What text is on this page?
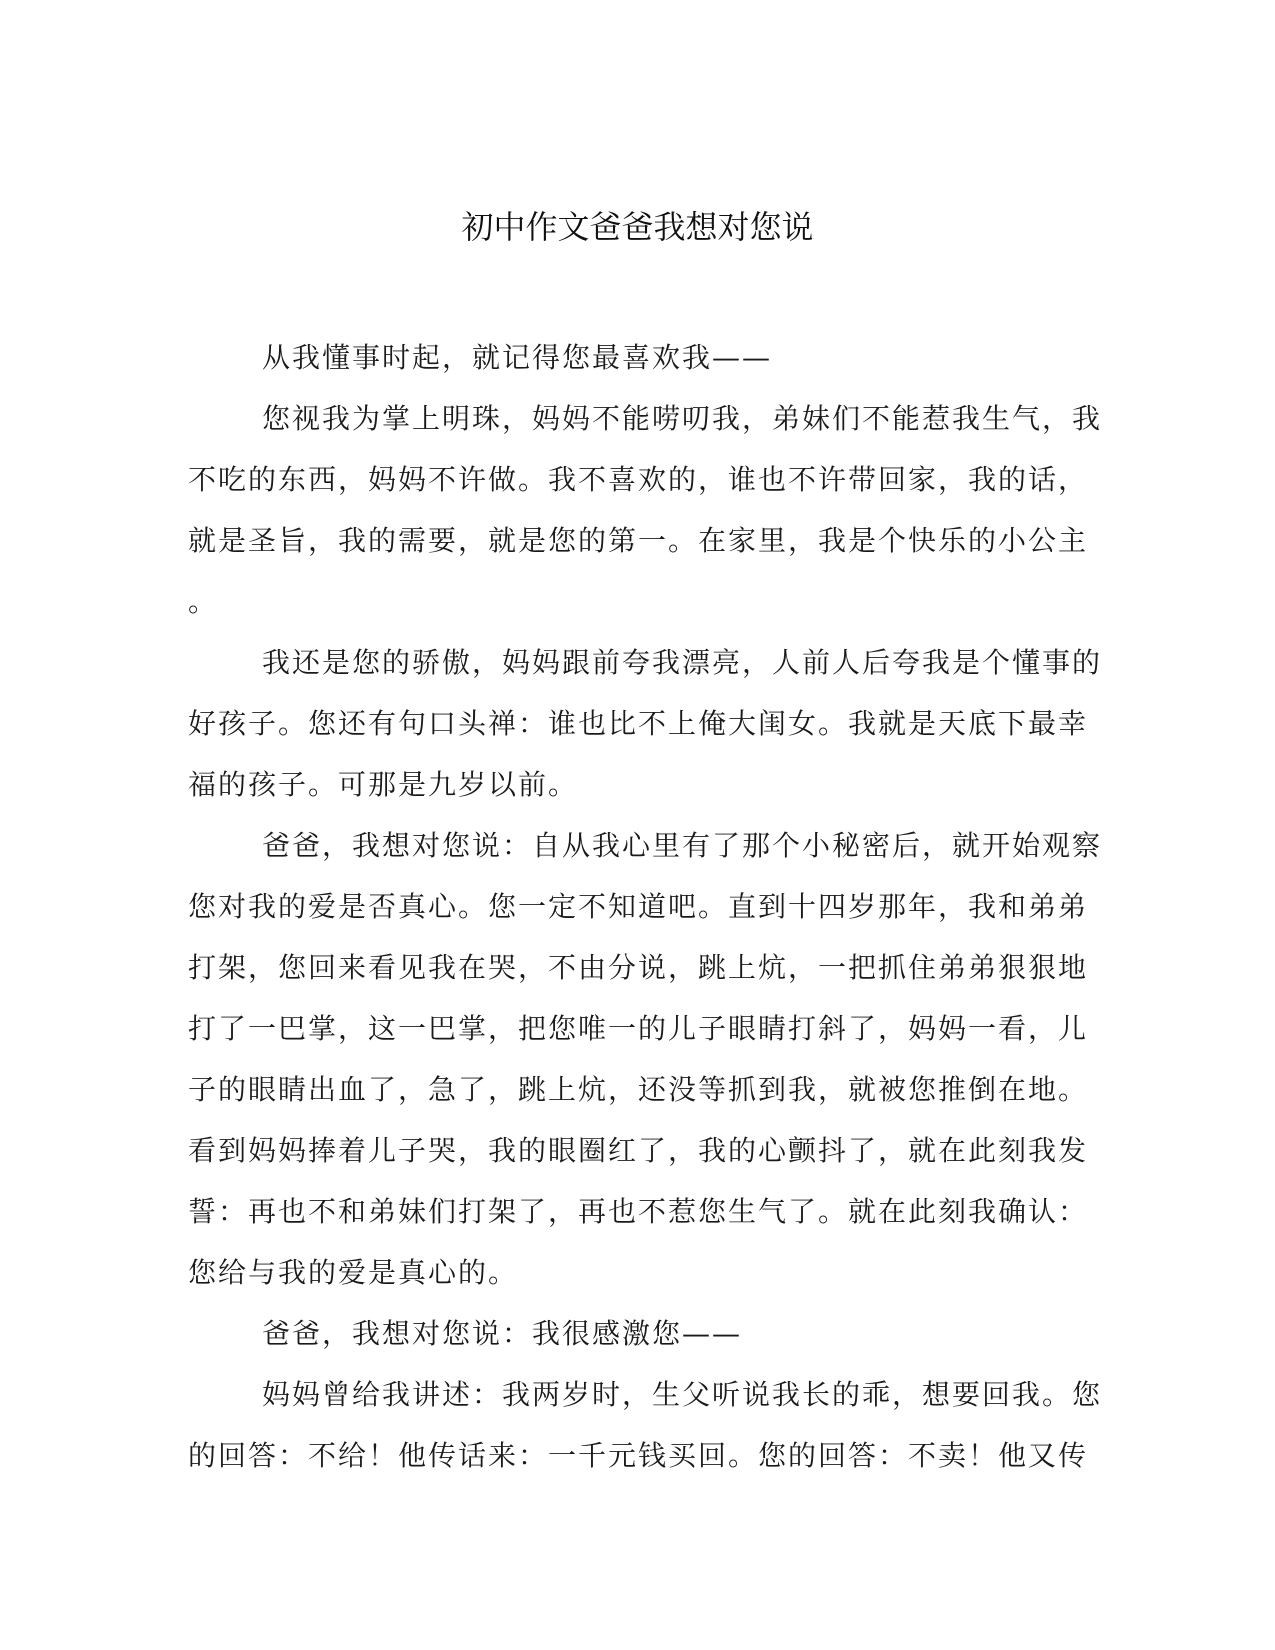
初中作文爸爸我想对您说
从我懂事时起，就记得您最喜欢我——
您视我为掌上明珠，妈妈不能唠叨我，弟妹们不能惹我生气，我
不吃的东西，妈妈不许做。我不喜欢的，谁也不许带回家，我的话，
就是圣旨，我的需要，就是您的第一。在家里，我是个快乐的小公主
。
我还是您的骄傲，妈妈跟前夸我漂亮，人前人后夸我是个懂事的
好孩子。您还有句口头禅：谁也比不上俺大闺女。我就是天底下最幸
福的孩子。可那是九岁以前。
爸爸，我想对您说：自从我心里有了那个小秘密后，就开始观察
您对我的爱是否真心。您一定不知道吧。直到十四岁那年，我和弟弟
打架，您回来看见我在哭，不由分说，跳上炕，一把抓住弟弟狠狠地
打了一巴掌，这一巴掌，把您唯一的儿子眼睛打斜了，妈妈一看，儿
子的眼睛出血了，急了，跳上炕，还没等抓到我，就被您推倒在地。
看到妈妈捧着儿子哭，我的眼圈红了，我的心颤抖了，就在此刻我发
誓：再也不和弟妹们打架了，再也不惹您生气了。就在此刻我确认：
您给与我的爱是真心的。
爸爸，我想对您说：我很感激您——
妈妈曾给我讲述：我两岁时，生父听说我长的乖，想要回我。您
的回答：不给！他传话来：一千元钱买回。您的回答：不卖！他又传
